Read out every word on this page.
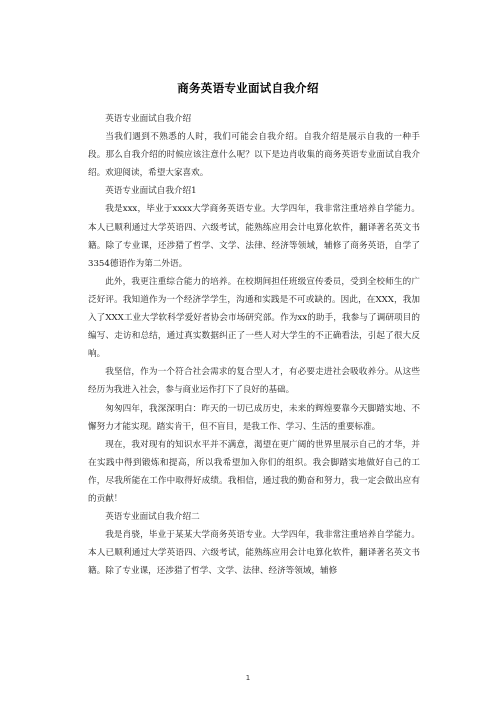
商务英语专业面试自我介绍

英语专业面试自我介绍

当我们遇到不熟悉的人时，我们可能会自我介绍。自我介绍是展示自我的一种手段。那么自我介绍的时候应该注意什么呢？以下是边肖收集的商务英语专业面试自我介绍。欢迎阅读，希望大家喜欢。

英语专业面试自我介绍1

我是xxx，毕业于xxxx大学商务英语专业。大学四年，我非常注重培养自学能力。本人已顺利通过大学英语四、六级考试，能熟练应用会计电算化软件，翻译著名英文书籍。除了专业课，还涉猎了哲学、文学、法律、经济等领域，辅修了商务英语，自学了3354德语作为第二外语。

此外，我更注重综合能力的培养。在校期间担任班级宣传委员，受到全校师生的广泛好评。我知道作为一个经济学学生，沟通和实践是不可或缺的。因此，在XXX，我加入了XXX工业大学软科学爱好者协会市场研究部。作为xx的助手，我参与了调研项目的编写、走访和总结，通过真实数据纠正了一些人对大学生的不正确看法，引起了很大反响。

我坚信，作为一个符合社会需求的复合型人才，有必要走进社会吸收养分。从这些经历为我进入社会，参与商业运作打下了良好的基础。

匆匆四年，我深深明白：昨天的一切已成历史，未来的辉煌要靠今天脚踏实地、不懈努力才能实现。踏实肯干，但不盲目，是我工作、学习、生活的重要标准。

现在，我对现有的知识水平并不满意，渴望在更广阔的世界里展示自己的才华，并在实践中得到锻炼和提高，所以我希望加入你们的组织。我会脚踏实地做好自己的工作，尽我所能在工作中取得好成绩。我相信，通过我的勤奋和努力，我一定会做出应有的贡献！

英语专业面试自我介绍二

我是肖骁，毕业于某某大学商务英语专业。大学四年，我非常注重培养自学能力。本人已顺利通过大学英语四、六级考试，能熟练应用会计电算化软件，翻译著名英文书籍。除了专业课，还涉猎了哲学、文学、法律、经济等领域，辅修

1
